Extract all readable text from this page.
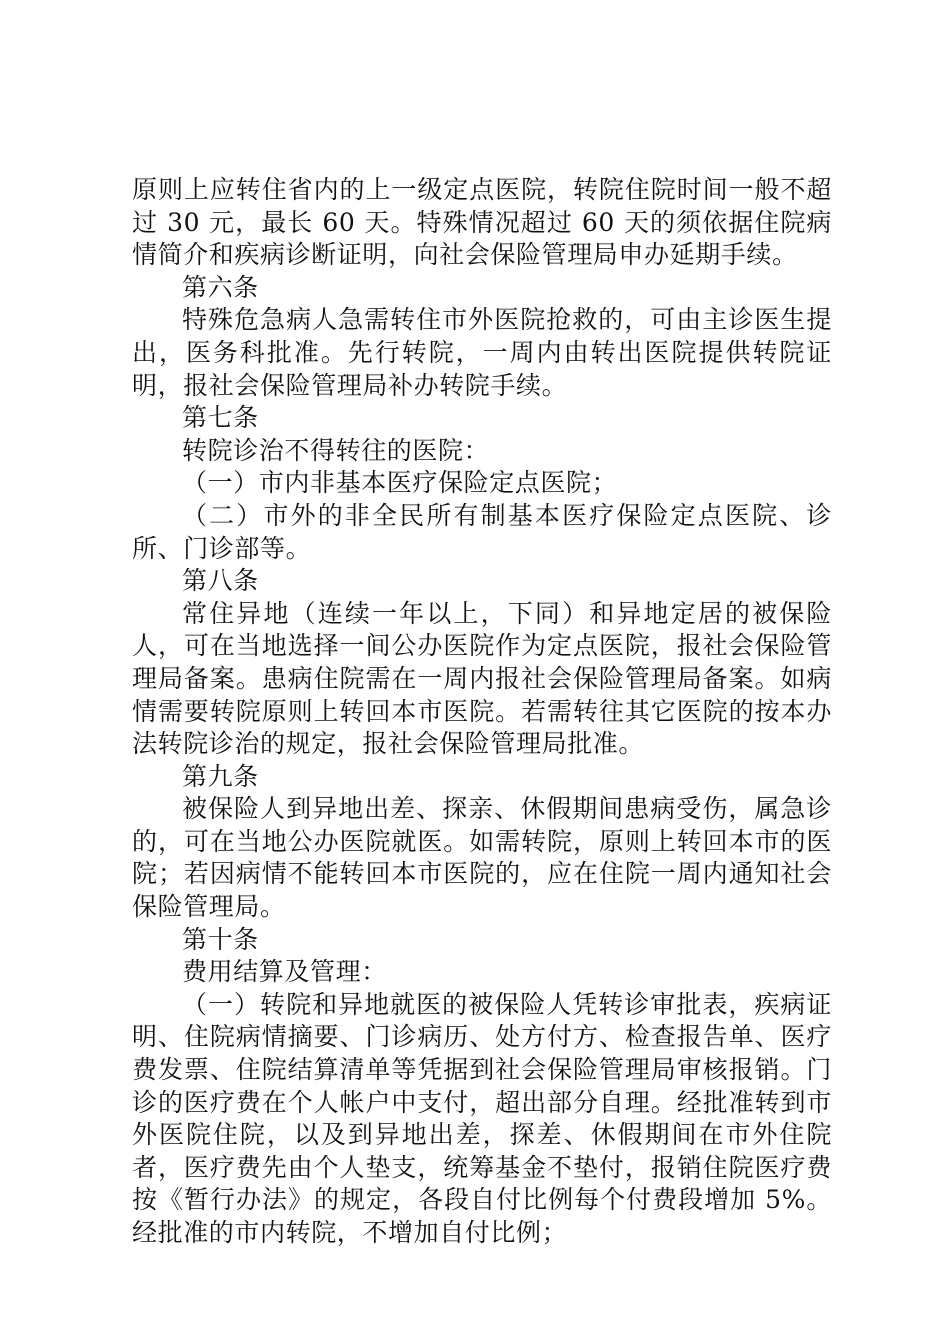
原则上应转住省内的上一级定点医院，转院住院时间一般不超过 30 元，最长 60 天。特殊情况超过 60 天的须依据住院病情简介和疾病诊断证明，向社会保险管理局申办延期手续。

第六条

特殊危急病人急需转住市外医院抢救的，可由主诊医生提出，医务科批准。先行转院，一周内由转出医院提供转院证明，报社会保险管理局补办转院手续。

第七条

转院诊治不得转往的医院：

（一）市内非基本医疗保险定点医院；

（二）市外的非全民所有制基本医疗保险定点医院、诊所、门诊部等。

第八条

常住异地（连续一年以上，下同）和异地定居的被保险人，可在当地选择一间公办医院作为定点医院，报社会保险管理局备案。患病住院需在一周内报社会保险管理局备案。如病情需要转院原则上转回本市医院。若需转往其它医院的按本办法转院诊治的规定，报社会保险管理局批准。

第九条

被保险人到异地出差、探亲、休假期间患病受伤，属急诊的，可在当地公办医院就医。如需转院，原则上转回本市的医院；若因病情不能转回本市医院的，应在住院一周内通知社会保险管理局。

第十条

费用结算及管理：

（一）转院和异地就医的被保险人凭转诊审批表，疾病证明、住院病情摘要、门诊病历、处方付方、检查报告单、医疗费发票、住院结算清单等凭据到社会保险管理局审核报销。门诊的医疗费在个人帐户中支付，超出部分自理。经批准转到市外医院住院，以及到异地出差，探差、休假期间在市外住院者，医疗费先由个人垫支，统筹基金不垫付，报销住院医疗费按《暂行办法》的规定，各段自付比例每个付费段增加 5%。经批准的市内转院，不增加自付比例；
